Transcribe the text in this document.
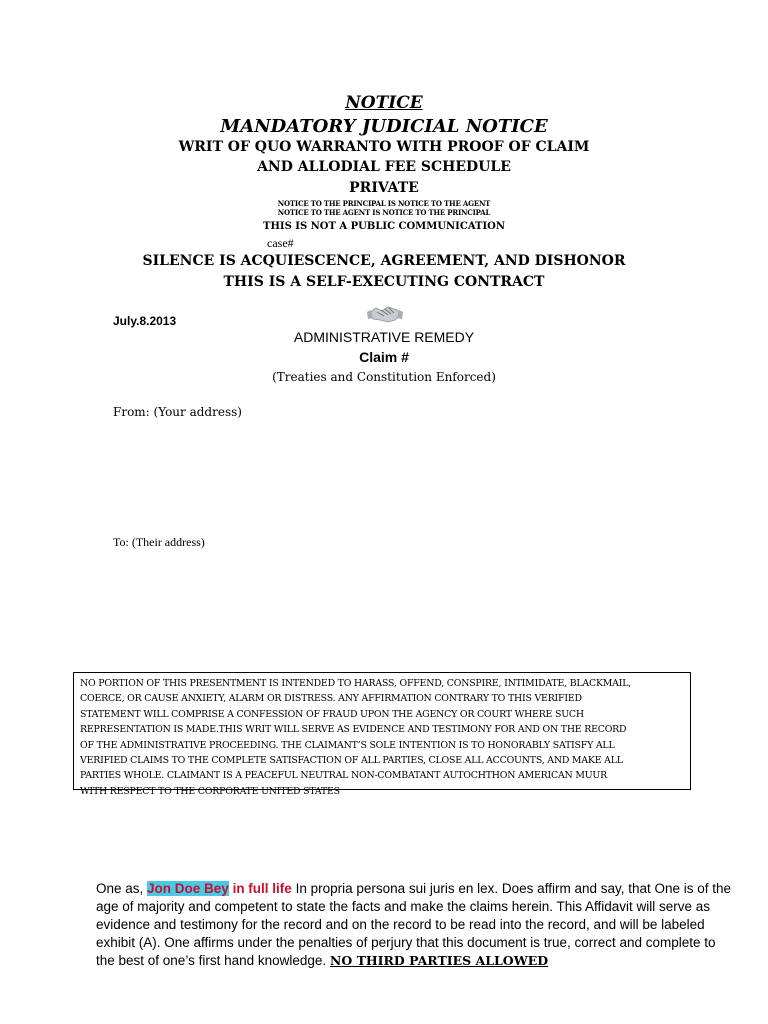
NOTICE
MANDATORY JUDICIAL NOTICE
WRIT OF QUO WARRANTO WITH PROOF OF CLAIM
AND ALLODIAL FEE SCHEDULE
PRIVATE
NOTICE TO THE PRINCIPAL IS NOTICE TO THE AGENT
NOTICE TO THE AGENT IS NOTICE TO THE PRINCIPAL
THIS IS NOT A PUBLIC COMMUNICATION
case#
SILENCE IS ACQUIESCENCE, AGREEMENT, AND DISHONOR
THIS IS A SELF-EXECUTING CONTRACT
July.8.2013
ADMINISTRATIVE REMEDY
Claim #
(Treaties and Constitution Enforced)
From: (Your address)
To: (Their address)
NO PORTION OF THIS PRESENTMENT IS INTENDED TO HARASS, OFFEND, CONSPIRE, INTIMIDATE, BLACKMAIL,
COERCE, OR CAUSE ANXIETY, ALARM OR DISTRESS. ANY AFFIRMATION CONTRARY TO THIS VERIFIED
STATEMENT WILL COMPRISE A CONFESSION OF FRAUD UPON THE AGENCY OR COURT WHERE SUCH
REPRESENTATION IS MADE.THIS WRIT WILL SERVE AS EVIDENCE AND TESTIMONY FOR AND ON THE RECORD
OF THE ADMINISTRATIVE PROCEEDING. THE CLAIMANT’S SOLE INTENTION IS TO HONORABLY SATISFY ALL
VERIFIED CLAIMS TO THE COMPLETE SATISFACTION OF ALL PARTIES, CLOSE ALL ACCOUNTS, AND MAKE ALL
PARTIES WHOLE. CLAIMANT IS A PEACEFUL NEUTRAL NON-COMBATANT AUTOCHTHON AMERICAN MUUR
WITH RESPECT TO THE CORPORATE UNITED STATES
One as, Jon Doe Bey in full life In propria persona sui juris en lex. Does affirm and say, that One is of the age of majority and competent to state the facts and make the claims herein. This Affidavit will serve as evidence and testimony for the record and on the record to be read into the record, and will be labeled exhibit (A). One affirms under the penalties of perjury that this document is true, correct and complete to the best of one’s first hand knowledge. NO THIRD PARTIES ALLOWED
